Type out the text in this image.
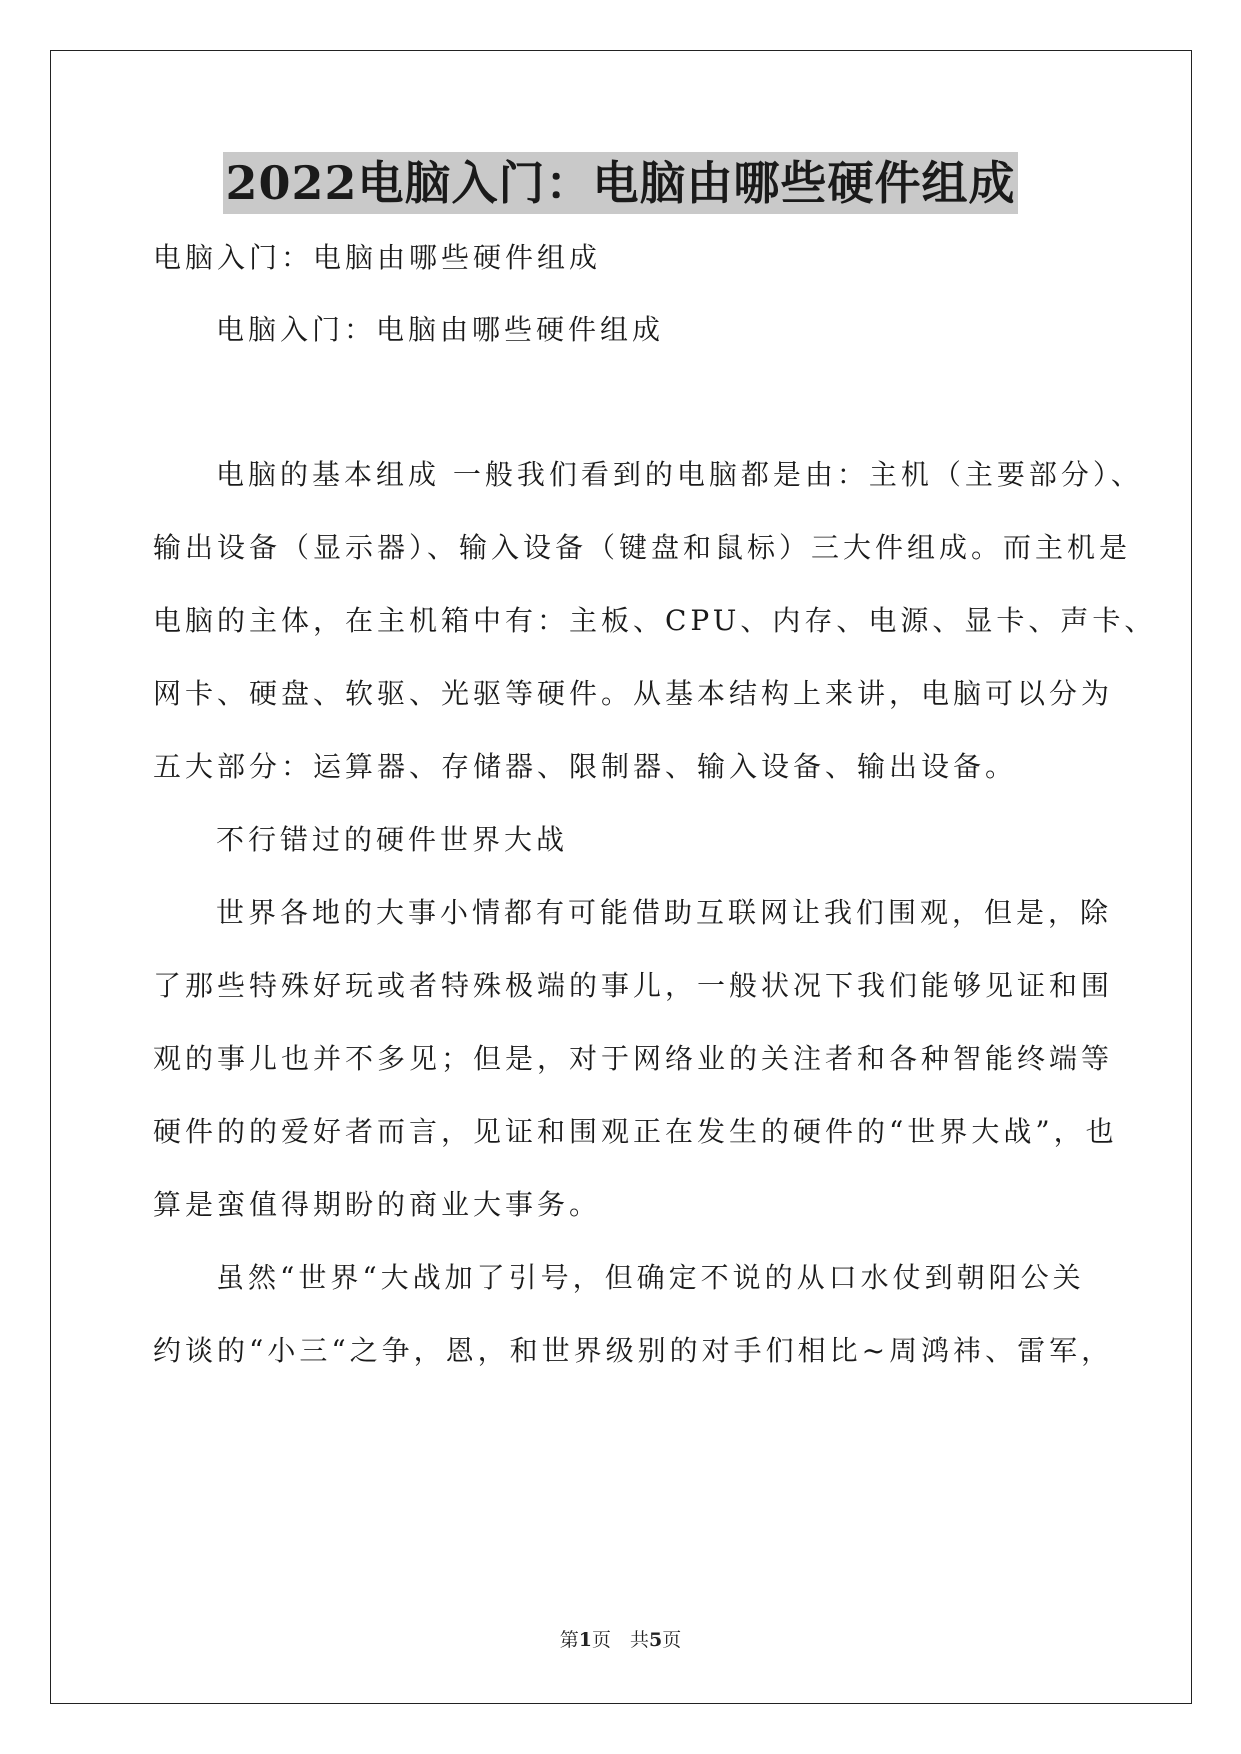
2022电脑入门：电脑由哪些硬件组成

电脑入门：电脑由哪些硬件组成

电脑入门：电脑由哪些硬件组成

电脑的基本组成 一般我们看到的电脑都是由：主机（主要部分）、

输出设备（显示器）、输入设备（键盘和鼠标）三大件组成。而主机是

电脑的主体，在主机箱中有：主板、CPU、内存、电源、显卡、声卡、

网卡、硬盘、软驱、光驱等硬件。从基本结构上来讲，电脑可以分为

五大部分：运算器、存储器、限制器、输入设备、输出设备。

不行错过的硬件世界大战

世界各地的大事小情都有可能借助互联网让我们围观，但是，除

了那些特殊好玩或者特殊极端的事儿，一般状况下我们能够见证和围

观的事儿也并不多见；但是，对于网络业的关注者和各种智能终端等

硬件的的爱好者而言，见证和围观正在发生的硬件的“世界大战”，也

算是蛮值得期盼的商业大事务。

虽然“世界“大战加了引号，但确定不说的从口水仗到朝阳公关

约谈的“小三“之争，恩，和世界级别的对手们相比~周鸿祎、雷军，

第1页　共5页
